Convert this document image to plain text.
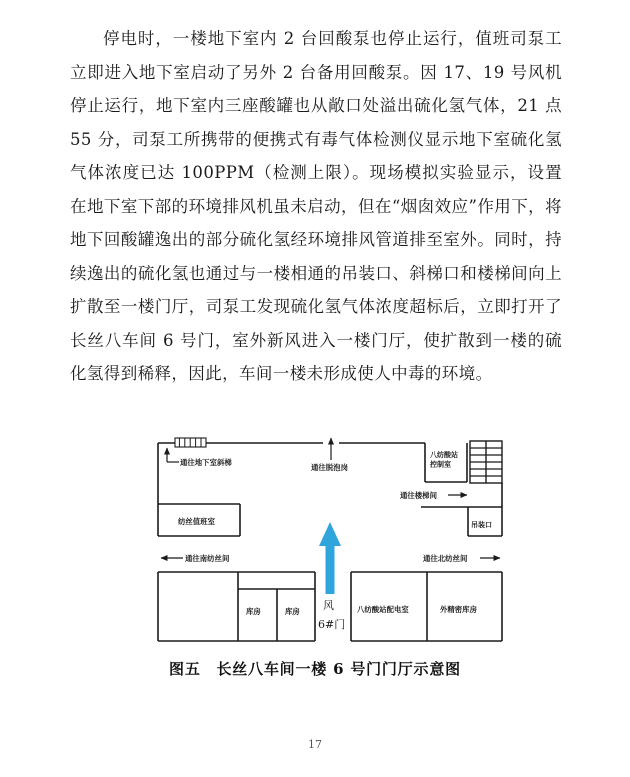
停电时，一楼地下室内 2 台回酸泵也停止运行，值班司泵工立即进入地下室启动了另外 2 台备用回酸泵。因 17、19 号风机停止运行，地下室内三座酸罐也从敞口处溢出硫化氢气体，21 点 55 分，司泵工所携带的便携式有毒气体检测仪显示地下室硫化氢气体浓度已达 100PPM（检测上限）。现场模拟实验显示，设置在地下室下部的环境排风机虽未启动，但在“烟囱效应”作用下，将地下回酸罐逸出的部分硫化氢经环境排风管道排至室外。同时，持续逸出的硫化氢也通过与一楼相通的吊装口、斜梯口和楼梯间向上扩散至一楼门厅，司泵工发现硫化氢气体浓度超标后，立即打开了长丝八车间 6 号门，室外新风进入一楼门厅，使扩散到一楼的硫化氢得到稀释，因此，车间一楼未形成使人中毒的环境。

通往地下室斜梯
通往脱泡岗
八纺酸站控制室
通往楼梯间
吊装口
纺丝值班室
通往南纺丝间	通往北纺丝间
风
6#门
库房	库房	八纺酸站配电室	外精密库房
图五　长丝八车间一楼 6 号门门厅示意图
17
